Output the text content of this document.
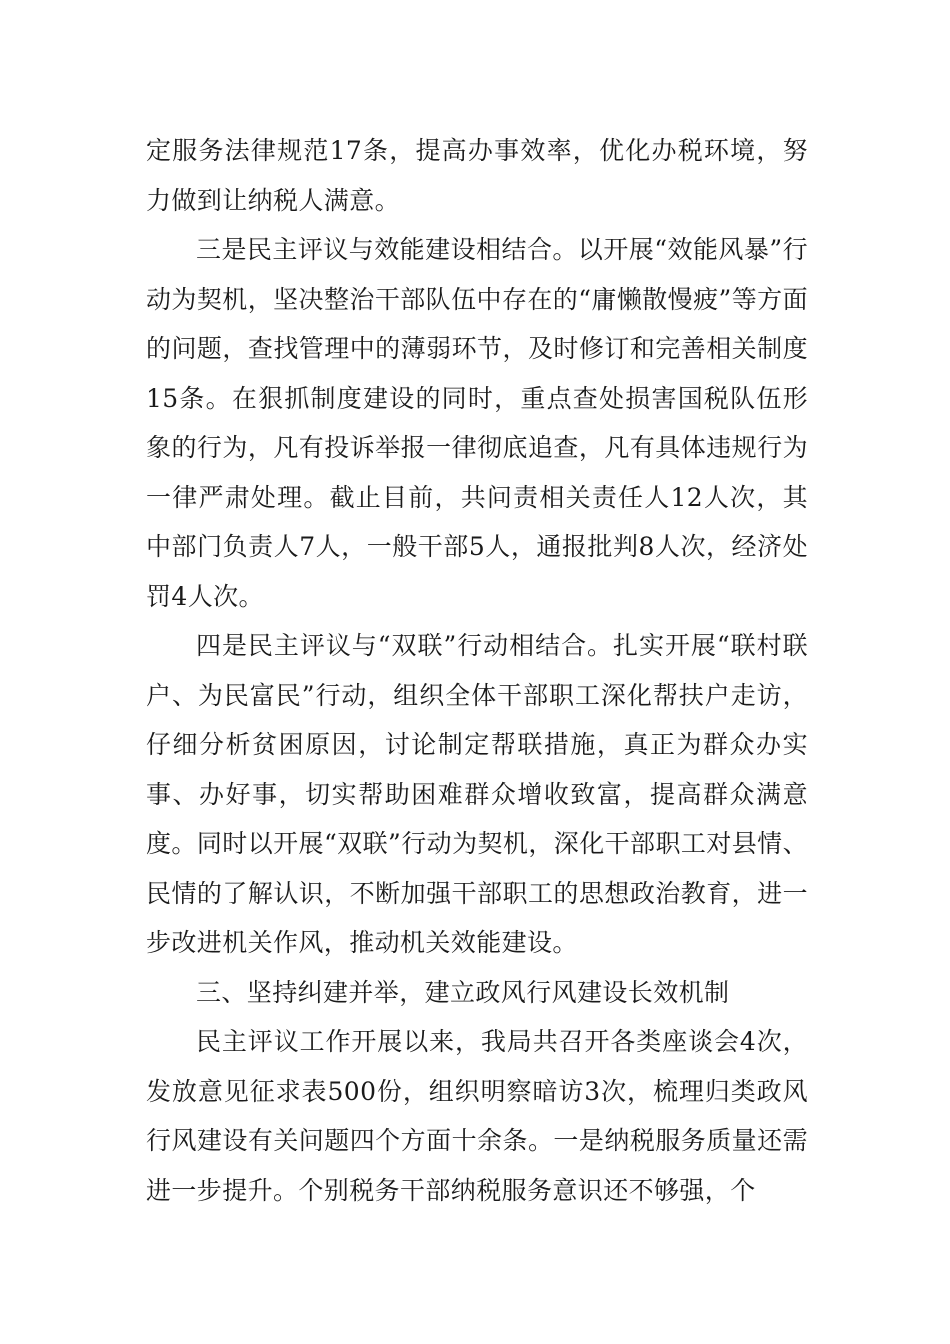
定服务法律规范17条，提高办事效率，优化办税环境，努力做到让纳税人满意。

三是民主评议与效能建设相结合。以开展“效能风暴”行动为契机，坚决整治干部队伍中存在的“庸懒散慢疲”等方面的问题，查找管理中的薄弱环节，及时修订和完善相关制度15条。在狠抓制度建设的同时，重点查处损害国税队伍形象的行为，凡有投诉举报一律彻底追查，凡有具体违规行为一律严肃处理。截止目前，共问责相关责任人12人次，其中部门负责人7人，一般干部5人，通报批判8人次，经济处罚4人次。

四是民主评议与“双联”行动相结合。扎实开展“联村联户、为民富民”行动，组织全体干部职工深化帮扶户走访，仔细分析贫困原因，讨论制定帮联措施，真正为群众办实事、办好事，切实帮助困难群众增收致富，提高群众满意度。同时以开展“双联”行动为契机，深化干部职工对县情、民情的了解认识，不断加强干部职工的思想政治教育，进一步改进机关作风，推动机关效能建设。

三、坚持纠建并举，建立政风行风建设长效机制

民主评议工作开展以来，我局共召开各类座谈会4次，发放意见征求表500份，组织明察暗访3次，梳理归类政风行风建设有关问题四个方面十余条。一是纳税服务质量还需进一步提升。个别税务干部纳税服务意识还不够强，个
